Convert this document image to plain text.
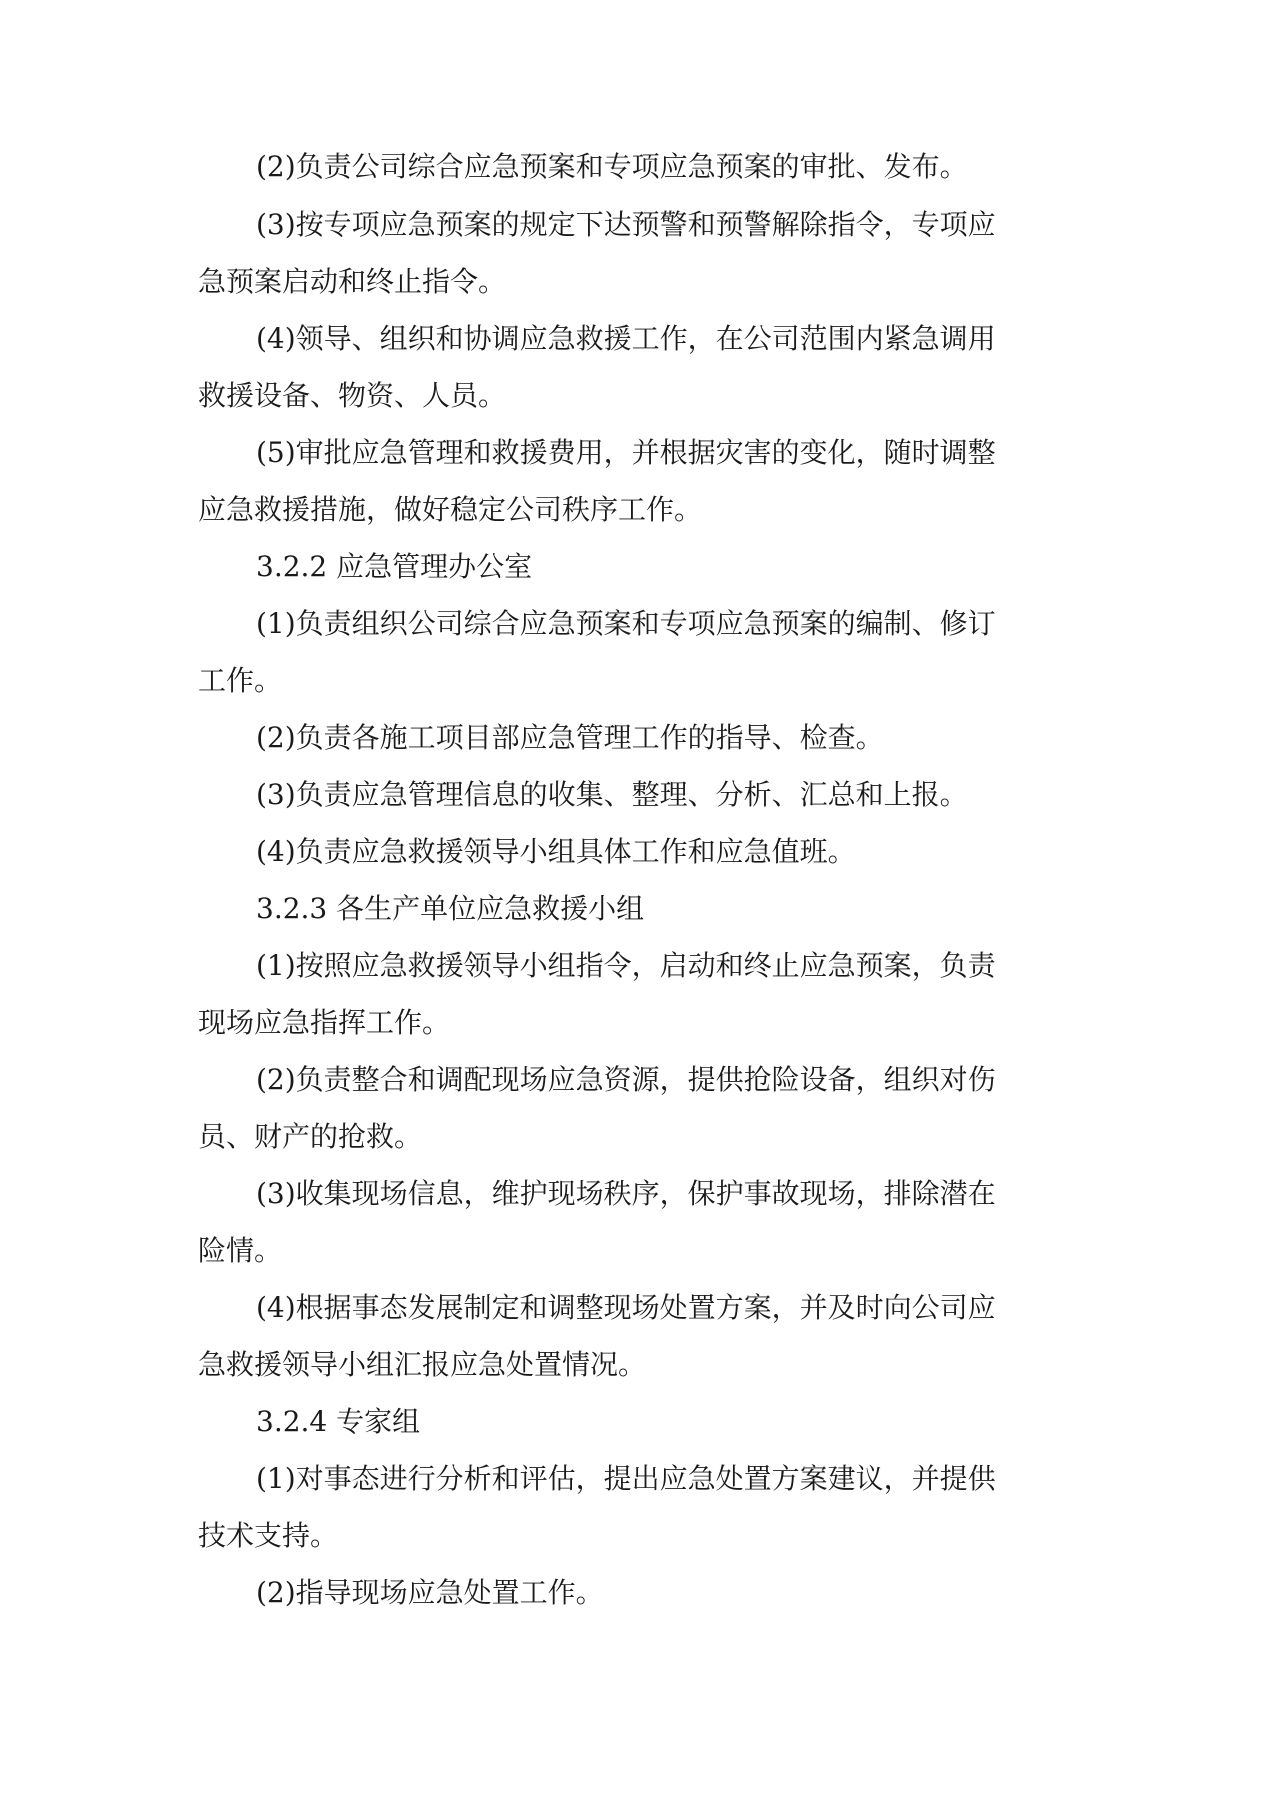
(2)负责公司综合应急预案和专项应急预案的审批、发布。
(3)按专项应急预案的规定下达预警和预警解除指令，专项应
急预案启动和终止指令。
(4)领导、组织和协调应急救援工作，在公司范围内紧急调用
救援设备、物资、人员。
(5)审批应急管理和救援费用，并根据灾害的变化，随时调整
应急救援措施，做好稳定公司秩序工作。
3.2.2 应急管理办公室
(1)负责组织公司综合应急预案和专项应急预案的编制、修订
工作。
(2)负责各施工项目部应急管理工作的指导、检查。
(3)负责应急管理信息的收集、整理、分析、汇总和上报。
(4)负责应急救援领导小组具体工作和应急值班。
3.2.3 各生产单位应急救援小组
(1)按照应急救援领导小组指令，启动和终止应急预案，负责
现场应急指挥工作。
(2)负责整合和调配现场应急资源，提供抢险设备，组织对伤
员、财产的抢救。
(3)收集现场信息，维护现场秩序，保护事故现场，排除潜在
险情。
(4)根据事态发展制定和调整现场处置方案，并及时向公司应
急救援领导小组汇报应急处置情况。
3.2.4 专家组
(1)对事态进行分析和评估，提出应急处置方案建议，并提供
技术支持。
(2)指导现场应急处置工作。
